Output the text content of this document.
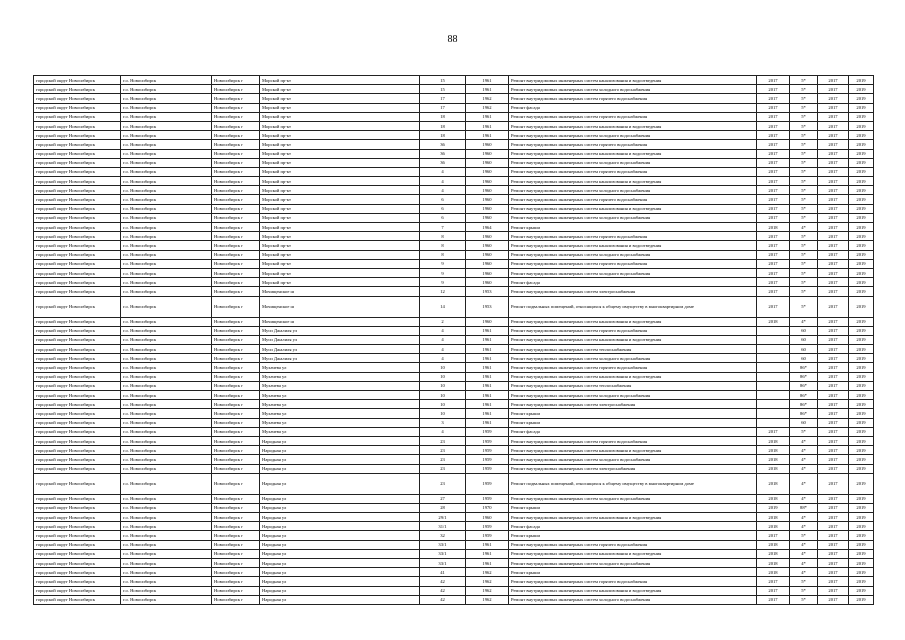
88
городской округ Новосибирск	г.о. Новосибирск	Новосибирск г	Морской пр-кт	15	1961	Ремонт внутридомовых инженерных систем канализования и водоотведения	2017	5*	2017	2019
городской округ Новосибирск	г.о. Новосибирск	Новосибирск г	Морской пр-кт	15	1961	Ремонт внутридомовых инженерных систем холодного водоснабжения	2017	5*	2017	2019
городской округ Новосибирск	г.о. Новосибирск	Новосибирск г	Морской пр-кт	17	1962	Ремонт внутридомовых инженерных систем горячего водоснабжения	2017	5*	2017	2019
городской округ Новосибирск	г.о. Новосибирск	Новосибирск г	Морской пр-кт	17	1962	Ремонт фасада	2017	5*	2017	2019
городской округ Новосибирск	г.о. Новосибирск	Новосибирск г	Морской пр-кт	18	1961	Ремонт внутридомовых инженерных систем горячего водоснабжения	2017	5*	2017	2019
городской округ Новосибирск	г.о. Новосибирск	Новосибирск г	Морской пр-кт	18	1961	Ремонт внутридомовых инженерных систем канализования и водоотведения	2017	5*	2017	2019
городской округ Новосибирск	г.о. Новосибирск	Новосибирск г	Морской пр-кт	18	1961	Ремонт внутридомовых инженерных систем холодного водоснабжения	2017	5*	2017	2019
городской округ Новосибирск	г.о. Новосибирск	Новосибирск г	Морской пр-кт	36	1960	Ремонт внутридомовых инженерных систем горячего водоснабжения	2017	5*	2017	2019
городской округ Новосибирск	г.о. Новосибирск	Новосибирск г	Морской пр-кт	36	1960	Ремонт внутридомовых инженерных систем канализования и водоотведения	2017	5*	2017	2019
городской округ Новосибирск	г.о. Новосибирск	Новосибирск г	Морской пр-кт	36	1960	Ремонт внутридомовых инженерных систем холодного водоснабжения	2017	5*	2017	2019
городской округ Новосибирск	г.о. Новосибирск	Новосибирск г	Морской пр-кт	4	1960	Ремонт внутридомовых инженерных систем горячего водоснабжения	2017	5*	2017	2019
городской округ Новосибирск	г.о. Новосибирск	Новосибирск г	Морской пр-кт	4	1960	Ремонт внутридомовых инженерных систем канализования и водоотведения	2017	5*	2017	2019
городской округ Новосибирск	г.о. Новосибирск	Новосибирск г	Морской пр-кт	4	1960	Ремонт внутридомовых инженерных систем холодного водоснабжения	2017	5*	2017	2019
городской округ Новосибирск	г.о. Новосибирск	Новосибирск г	Морской пр-кт	6	1960	Ремонт внутридомовых инженерных систем горячего водоснабжения	2017	5*	2017	2019
городской округ Новосибирск	г.о. Новосибирск	Новосибирск г	Морской пр-кт	6	1960	Ремонт внутридомовых инженерных систем канализования и водоотведения	2017	5*	2017	2019
городской округ Новосибирск	г.о. Новосибирск	Новосибирск г	Морской пр-кт	6	1960	Ремонт внутридомовых инженерных систем холодного водоснабжения	2017	5*	2017	2019
городской округ Новосибирск	г.о. Новосибирск	Новосибирск г	Морской пр-кт	7	1964	Ремонт крыши	2018	4*	2017	2019
городской округ Новосибирск	г.о. Новосибирск	Новосибирск г	Морской пр-кт	8	1960	Ремонт внутридомовых инженерных систем горячего водоснабжения	2017	5*	2017	2019
городской округ Новосибирск	г.о. Новосибирск	Новосибирск г	Морской пр-кт	8	1960	Ремонт внутридомовых инженерных систем канализования и водоотведения	2017	5*	2017	2019
городской округ Новосибирск	г.о. Новосибирск	Новосибирск г	Морской пр-кт	8	1960	Ремонт внутридомовых инженерных систем холодного водоснабжения	2017	5*	2017	2019
городской округ Новосибирск	г.о. Новосибирск	Новосибирск г	Морской пр-кт	9	1960	Ремонт внутридомовых инженерных систем горячего водоснабжения	2017	5*	2017	2019
городской округ Новосибирск	г.о. Новосибирск	Новосибирск г	Морской пр-кт	9	1960	Ремонт внутридомовых инженерных систем холодного водоснабжения	2017	5*	2017	2019
городской округ Новосибирск	г.о. Новосибирск	Новосибирск г	Морской пр-кт	9	1960	Ремонт фасада	2017	5*	2017	2019
городской округ Новосибирск	г.о. Новосибирск	Новосибирск г	Мочищенское ш	12	1953	Ремонт внутридомовых инженерных систем электроснабжения	2017	5*	2017	2019
городской округ Новосибирск	г.о. Новосибирск	Новосибирск г	Мочищенское ш	14	1953	Ремонт подвальных помещений, относящихся к общему имуществу в многоквартирном доме	2017	5*	2017	2019
городской округ Новосибирск	г.о. Новосибирск	Новосибирск г	Мочищенское ш	2	1960	Ремонт внутридомовых инженерных систем канализования и водоотведения	2018	4*	2017	2019
городской округ Новосибирск	г.о. Новосибирск	Новосибирск г	Муси Джалиля ул	4	1961	Ремонт внутридомовых инженерных систем горячего водоснабжения		60	2017	2019
городской округ Новосибирск	г.о. Новосибирск	Новосибирск г	Муси Джалиля ул	4	1961	Ремонт внутридомовых инженерных систем канализования и водоотведения		60	2017	2019
городской округ Новосибирск	г.о. Новосибирск	Новосибирск г	Муси Джалиля ул	4	1961	Ремонт внутридомовых инженерных систем теплоснабжения		60	2017	2019
городской округ Новосибирск	г.о. Новосибирск	Новосибирск г	Муси Джалиля ул	4	1961	Ремонт внутридомовых инженерных систем холодного водоснабжения		60	2017	2019
городской округ Новосибирск	г.о. Новосибирск	Новосибирск г	Мухачева ул	10	1961	Ремонт внутридомовых инженерных систем горячего водоснабжения		86*	2017	2019
городской округ Новосибирск	г.о. Новосибирск	Новосибирск г	Мухачева ул	10	1961	Ремонт внутридомовых инженерных систем канализования и водоотведения		86*	2017	2019
городской округ Новосибирск	г.о. Новосибирск	Новосибирск г	Мухачева ул	10	1961	Ремонт внутридомовых инженерных систем теплоснабжения		86*	2017	2019
городской округ Новосибирск	г.о. Новосибирск	Новосибирск г	Мухачева ул	10	1961	Ремонт внутридомовых инженерных систем холодного водоснабжения		86*	2017	2019
городской округ Новосибирск	г.о. Новосибирск	Новосибирск г	Мухачева ул	10	1961	Ремонт внутридомовых инженерных систем электроснабжения		86*	2017	2019
городской округ Новосибирск	г.о. Новосибирск	Новосибирск г	Мухачева ул	10	1961	Ремонт крыши		86*	2017	2019
городской округ Новосибирск	г.о. Новосибирск	Новосибирск г	Мухачева ул	3	1961	Ремонт крыши		60	2017	2019
городской округ Новосибирск	г.о. Новосибирск	Новосибирск г	Мухачева ул	4	1959	Ремонт фасада	2017	5*	2017	2019
городской округ Новосибирск	г.о. Новосибирск	Новосибирск г	Народная ул	23	1959	Ремонт внутридомовых инженерных систем горячего водоснабжения	2018	4*	2017	2019
городской округ Новосибирск	г.о. Новосибирск	Новосибирск г	Народная ул	23	1959	Ремонт внутридомовых инженерных систем канализования и водоотведения	2018	4*	2017	2019
городской округ Новосибирск	г.о. Новосибирск	Новосибирск г	Народная ул	23	1959	Ремонт внутридомовых инженерных систем холодного водоснабжения	2018	4*	2017	2019
городской округ Новосибирск	г.о. Новосибирск	Новосибирск г	Народная ул	23	1959	Ремонт внутридомовых инженерных систем электроснабжения	2018	4*	2017	2019
городской округ Новосибирск	г.о. Новосибирск	Новосибирск г	Народная ул	23	1959	Ремонт подвальных помещений, относящихся к общему имуществу в многоквартирном доме	2018	4*	2017	2019
городской округ Новосибирск	г.о. Новосибирск	Новосибирск г	Народная ул	27	1959	Ремонт внутридомовых инженерных систем холодного водоснабжения	2018	4*	2017	2019
городской округ Новосибирск	г.о. Новосибирск	Новосибирск г	Народная ул	28	1970	Ремонт крыши	2019	88*	2017	2019
городской округ Новосибирск	г.о. Новосибирск	Новосибирск г	Народная ул	29/1	1960	Ремонт внутридомовых инженерных систем канализования и водоотведения	2018	4*	2017	2019
городской округ Новосибирск	г.о. Новосибирск	Новосибирск г	Народная ул	31/1	1959	Ремонт фасада	2018	4*	2017	2019
городской округ Новосибирск	г.о. Новосибирск	Новосибирск г	Народная ул	32	1959	Ремонт крыши	2017	5*	2017	2019
городской округ Новосибирск	г.о. Новосибирск	Новосибирск г	Народная ул	33/1	1961	Ремонт внутридомовых инженерных систем горячего водоснабжения	2018	4*	2017	2019
городской округ Новосибирск	г.о. Новосибирск	Новосибирск г	Народная ул	33/1	1961	Ремонт внутридомовых инженерных систем канализования и водоотведения	2018	4*	2017	2019
городской округ Новосибирск	г.о. Новосибирск	Новосибирск г	Народная ул	33/1	1961	Ремонт внутридомовых инженерных систем холодного водоснабжения	2018	4*	2017	2019
городской округ Новосибирск	г.о. Новосибирск	Новосибирск г	Народная ул	41	1962	Ремонт крыши	2018	4*	2017	2019
городской округ Новосибирск	г.о. Новосибирск	Новосибирск г	Народная ул	42	1962	Ремонт внутридомовых инженерных систем горячего водоснабжения	2017	5*	2017	2019
городской округ Новосибирск	г.о. Новосибирск	Новосибирск г	Народная ул	42	1962	Ремонт внутридомовых инженерных систем канализования и водоотведения	2017	5*	2017	2019
городской округ Новосибирск	г.о. Новосибирск	Новосибирск г	Народная ул	42	1962	Ремонт внутридомовых инженерных систем холодного водоснабжения	2017	5*	2017	2019
